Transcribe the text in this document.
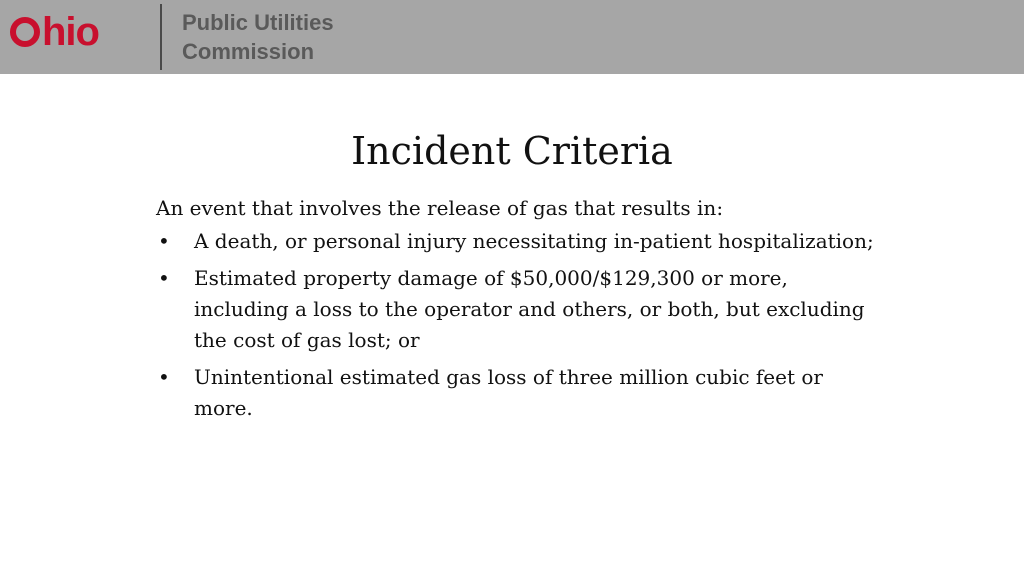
hio	Public Utilities
Commission
Incident Criteria

An event that involves the release of gas that results in:

• A death, or personal injury necessitating in-patient hospitalization;
• Estimated property damage of $50,000/$129,300 or more, including a loss to the operator and others, or both, but excluding the cost of gas lost; or
• Unintentional estimated gas loss of three million cubic feet or more.
